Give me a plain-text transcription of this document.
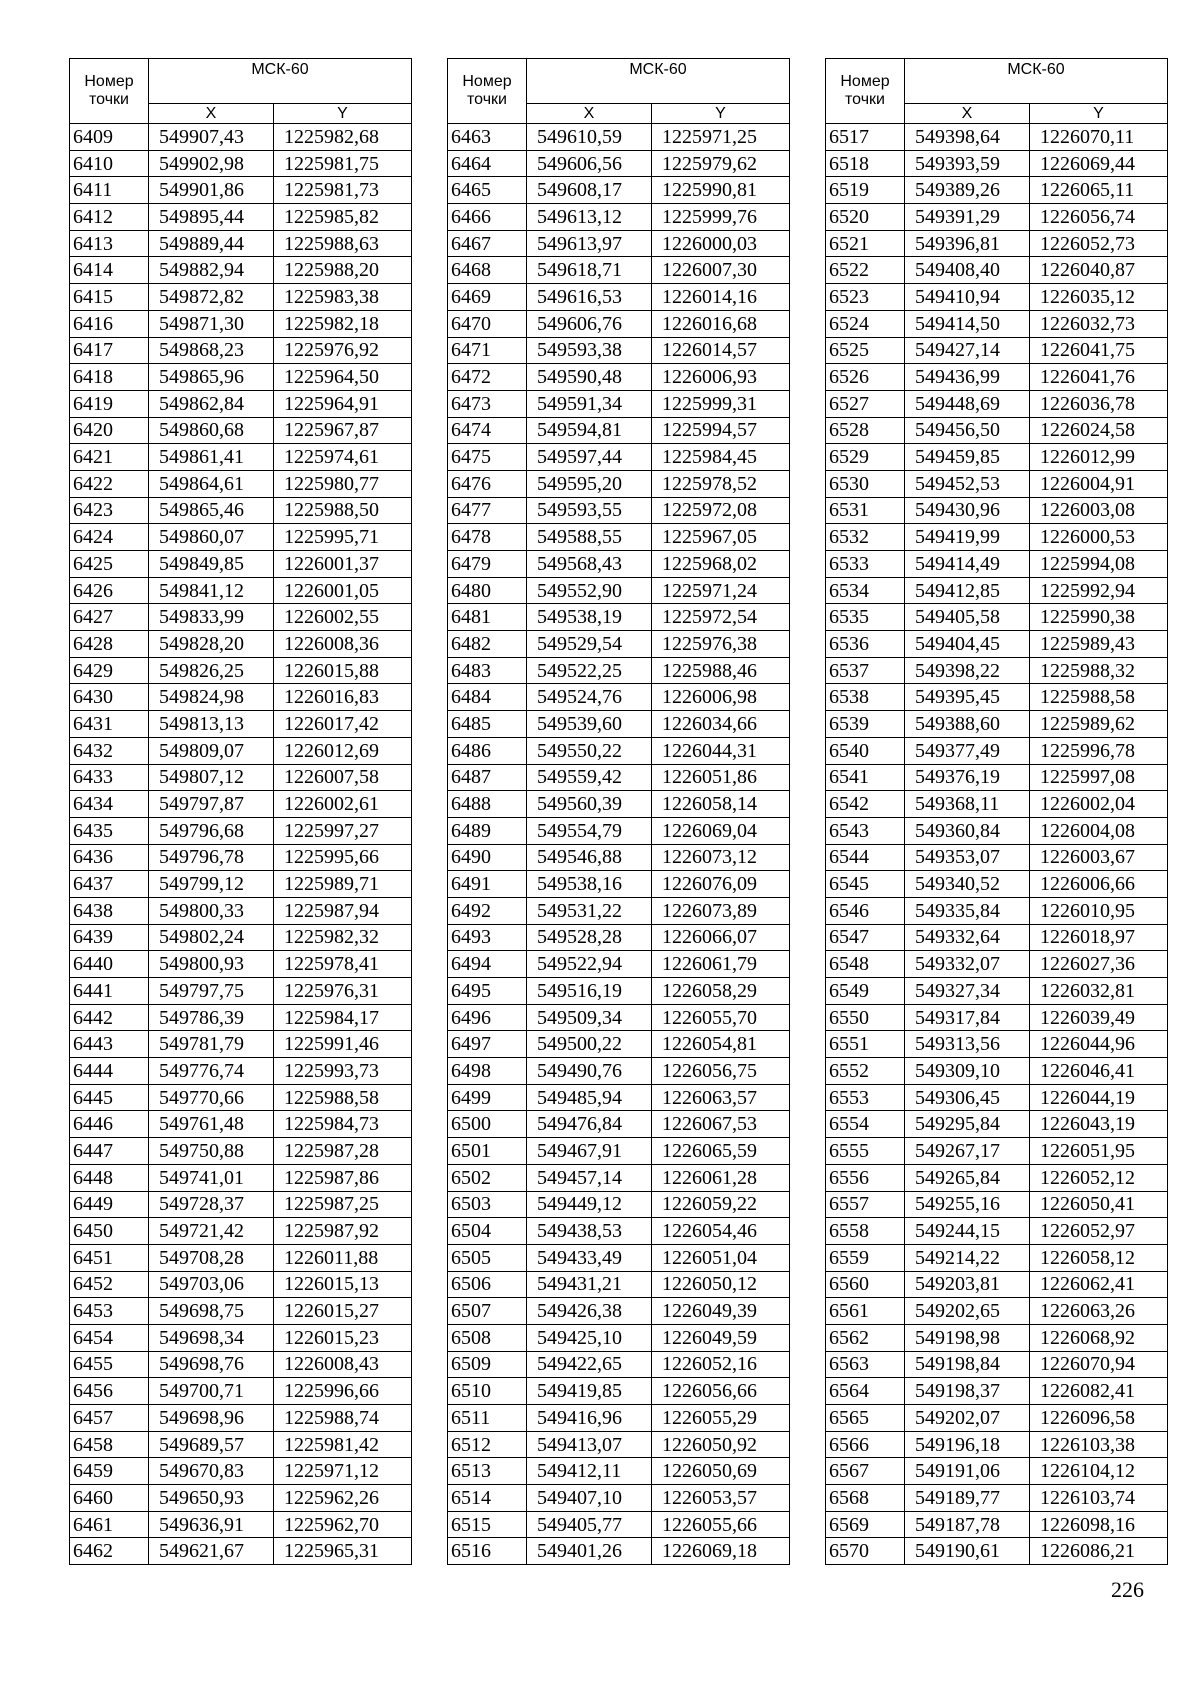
Номер точки	МСК-60	
	X	Y
6409	549907,43	1225982,68
6410	549902,98	1225981,75
6411	549901,86	1225981,73
6412	549895,44	1225985,82
6413	549889,44	1225988,63
6414	549882,94	1225988,20
6415	549872,82	1225983,38
6416	549871,30	1225982,18
6417	549868,23	1225976,92
6418	549865,96	1225964,50
6419	549862,84	1225964,91
6420	549860,68	1225967,87
6421	549861,41	1225974,61
6422	549864,61	1225980,77
6423	549865,46	1225988,50
6424	549860,07	1225995,71
6425	549849,85	1226001,37
6426	549841,12	1226001,05
6427	549833,99	1226002,55
6428	549828,20	1226008,36
6429	549826,25	1226015,88
6430	549824,98	1226016,83
6431	549813,13	1226017,42
6432	549809,07	1226012,69
6433	549807,12	1226007,58
6434	549797,87	1226002,61
6435	549796,68	1225997,27
6436	549796,78	1225995,66
6437	549799,12	1225989,71
6438	549800,33	1225987,94
6439	549802,24	1225982,32
6440	549800,93	1225978,41
6441	549797,75	1225976,31
6442	549786,39	1225984,17
6443	549781,79	1225991,46
6444	549776,74	1225993,73
6445	549770,66	1225988,58
6446	549761,48	1225984,73
6447	549750,88	1225987,28
6448	549741,01	1225987,86
6449	549728,37	1225987,25
6450	549721,42	1225987,92
6451	549708,28	1226011,88
6452	549703,06	1226015,13
6453	549698,75	1226015,27
6454	549698,34	1226015,23
6455	549698,76	1226008,43
6456	549700,71	1225996,66
6457	549698,96	1225988,74
6458	549689,57	1225981,42
6459	549670,83	1225971,12
6460	549650,93	1225962,26
6461	549636,91	1225962,70
6462	549621,67	1225965,31
Номер точки	МСК-60	
	X	Y
6463	549610,59	1225971,25
6464	549606,56	1225979,62
6465	549608,17	1225990,81
6466	549613,12	1225999,76
6467	549613,97	1226000,03
6468	549618,71	1226007,30
6469	549616,53	1226014,16
6470	549606,76	1226016,68
6471	549593,38	1226014,57
6472	549590,48	1226006,93
6473	549591,34	1225999,31
6474	549594,81	1225994,57
6475	549597,44	1225984,45
6476	549595,20	1225978,52
6477	549593,55	1225972,08
6478	549588,55	1225967,05
6479	549568,43	1225968,02
6480	549552,90	1225971,24
6481	549538,19	1225972,54
6482	549529,54	1225976,38
6483	549522,25	1225988,46
6484	549524,76	1226006,98
6485	549539,60	1226034,66
6486	549550,22	1226044,31
6487	549559,42	1226051,86
6488	549560,39	1226058,14
6489	549554,79	1226069,04
6490	549546,88	1226073,12
6491	549538,16	1226076,09
6492	549531,22	1226073,89
6493	549528,28	1226066,07
6494	549522,94	1226061,79
6495	549516,19	1226058,29
6496	549509,34	1226055,70
6497	549500,22	1226054,81
6498	549490,76	1226056,75
6499	549485,94	1226063,57
6500	549476,84	1226067,53
6501	549467,91	1226065,59
6502	549457,14	1226061,28
6503	549449,12	1226059,22
6504	549438,53	1226054,46
6505	549433,49	1226051,04
6506	549431,21	1226050,12
6507	549426,38	1226049,39
6508	549425,10	1226049,59
6509	549422,65	1226052,16
6510	549419,85	1226056,66
6511	549416,96	1226055,29
6512	549413,07	1226050,92
6513	549412,11	1226050,69
6514	549407,10	1226053,57
6515	549405,77	1226055,66
6516	549401,26	1226069,18
Номер точки	МСК-60	
	X	Y
6517	549398,64	1226070,11
6518	549393,59	1226069,44
6519	549389,26	1226065,11
6520	549391,29	1226056,74
6521	549396,81	1226052,73
6522	549408,40	1226040,87
6523	549410,94	1226035,12
6524	549414,50	1226032,73
6525	549427,14	1226041,75
6526	549436,99	1226041,76
6527	549448,69	1226036,78
6528	549456,50	1226024,58
6529	549459,85	1226012,99
6530	549452,53	1226004,91
6531	549430,96	1226003,08
6532	549419,99	1226000,53
6533	549414,49	1225994,08
6534	549412,85	1225992,94
6535	549405,58	1225990,38
6536	549404,45	1225989,43
6537	549398,22	1225988,32
6538	549395,45	1225988,58
6539	549388,60	1225989,62
6540	549377,49	1225996,78
6541	549376,19	1225997,08
6542	549368,11	1226002,04
6543	549360,84	1226004,08
6544	549353,07	1226003,67
6545	549340,52	1226006,66
6546	549335,84	1226010,95
6547	549332,64	1226018,97
6548	549332,07	1226027,36
6549	549327,34	1226032,81
6550	549317,84	1226039,49
6551	549313,56	1226044,96
6552	549309,10	1226046,41
6553	549306,45	1226044,19
6554	549295,84	1226043,19
6555	549267,17	1226051,95
6556	549265,84	1226052,12
6557	549255,16	1226050,41
6558	549244,15	1226052,97
6559	549214,22	1226058,12
6560	549203,81	1226062,41
6561	549202,65	1226063,26
6562	549198,98	1226068,92
6563	549198,84	1226070,94
6564	549198,37	1226082,41
6565	549202,07	1226096,58
6566	549196,18	1226103,38
6567	549191,06	1226104,12
6568	549189,77	1226103,74
6569	549187,78	1226098,16
6570	549190,61	1226086,21
226
